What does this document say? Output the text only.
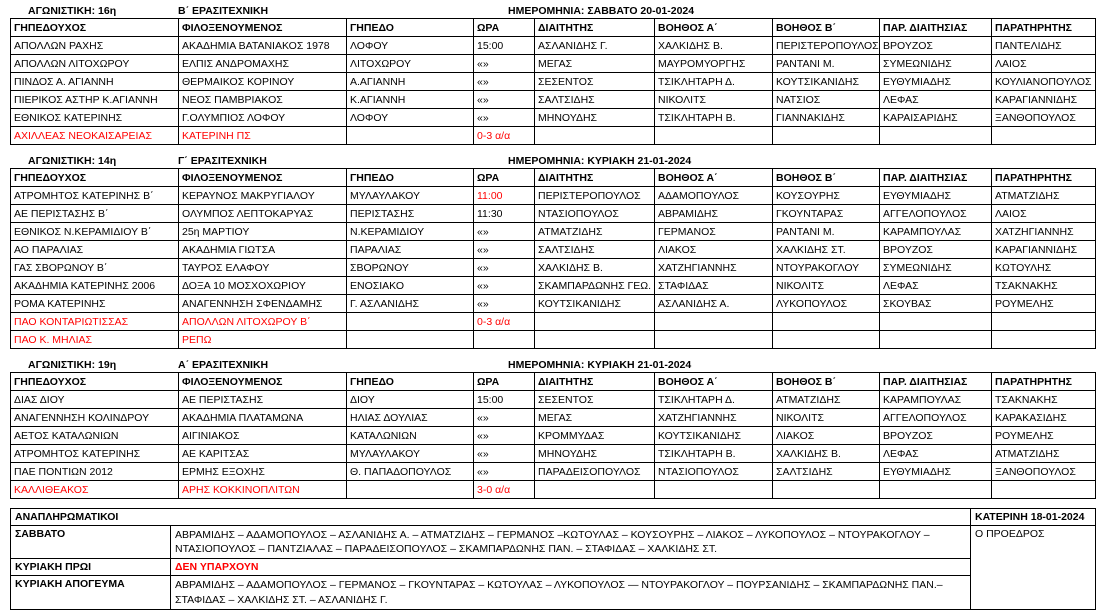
ΑΓΩΝΙΣΤΙΚΗ: 16η	Β΄ ΕΡΑΣΙΤΕΧΝΙΚΗ	ΗΜΕΡΟΜΗΝΙΑ: ΣΑΒΒΑΤΟ 20-01-2024
ΓΗΠΕΔΟΥΧΟΣ	ΦΙΛΟΞΕΝΟΥΜΕΝΟΣ	ΓΗΠΕΔΟ	ΩΡΑ	ΔΙΑΙΤΗΤΗΣ	ΒΟΗΘΟΣ Α΄	ΒΟΗΘΟΣ Β΄	ΠΑΡ. ΔΙΑΙΤΗΣΙΑΣ	ΠΑΡΑΤΗΡΗΤΗΣ
ΑΠΟΛΛΩΝ ΡΑΧΗΣ	ΑΚΑΔΗΜΙΑ ΒΑΤΑΝΙΑΚΟΣ 1978	ΛΟΦΟΥ	15:00	ΑΣΛΑΝΙΔΗΣ Γ.	ΧΑΛΚΙΔΗΣ Β.	ΠΕΡΙΣΤΕΡΟΠΟΥΛΟΣ	ΒΡΟΥΖΟΣ	ΠΑΝΤΕΛΙΔΗΣ
ΑΠΟΛΛΩΝ ΛΙΤΟΧΩΡΟΥ	ΕΛΠΙΣ ΑΝΔΡΟΜΑΧΗΣ	ΛΙΤΟΧΩΡΟΥ	«»	ΜΕΓΑΣ	ΜΑΥΡΟΜΥΟΡΓΗΣ	ΡΑΝΤΑΝΙ Μ.	ΣΥΜΕΩΝΙΔΗΣ	ΛΑΙΟΣ
ΠΙΝΔΟΣ Α. ΑΓΙΑΝΝΗ	ΘΕΡΜΑΙΚΟΣ ΚΟΡΙΝΟΥ	Α.ΑΓΙΑΝΝΗ	«»	ΣΕΣΕΝΤΟΣ	ΤΣΙΚΛΗΤΑΡΗ Δ.	ΚΟΥΤΣΙΚΑΝΙΔΗΣ	ΕΥΘΥΜΙΑΔΗΣ	ΚΟΥΛΙΑΝΟΠΟΥΛΟΣ
ΠΙΕΡΙΚΟΣ ΑΣΤΗΡ Κ.ΑΓΙΑΝΝΗ	ΝΕΟΣ ΠΑΜΒΡΙΑΚΟΣ	Κ.ΑΓΙΑΝΝΗ	«»	ΣΑΛΤΣΙΔΗΣ	ΝΙΚΟΛΙΤΣ	ΝΑΤΣΙΟΣ	ΛΕΦΑΣ	ΚΑΡΑΓΙΑΝΝΙΔΗΣ
ΕΘΝΙΚΟΣ ΚΑΤΕΡΙΝΗΣ	Γ.ΟΛΥΜΠΙΟΣ ΛΟΦΟΥ	ΛΟΦΟΥ	«»	ΜΗΝΟΥΔΗΣ	ΤΣΙΚΛΗΤΑΡΗ Β.	ΓΙΑΝΝΑΚΙΔΗΣ	ΚΑΡΑΙΣΑΡΙΔΗΣ	ΞΑΝΘΟΠΟΥΛΟΣ
ΑΧΙΛΛΕΑΣ ΝΕΟΚΑΙΣΑΡΕΙΑΣ	ΚΑΤΕΡΙΝΗ ΠΣ		0-3 α/α					
ΑΓΩΝΙΣΤΙΚΗ: 14η	Γ΄ ΕΡΑΣΙΤΕΧΝΙΚΗ	ΗΜΕΡΟΜΗΝΙΑ: ΚΥΡΙΑΚΗ 21-01-2024
ΓΗΠΕΔΟΥΧΟΣ	ΦΙΛΟΞΕΝΟΥΜΕΝΟΣ	ΓΗΠΕΔΟ	ΩΡΑ	ΔΙΑΙΤΗΤΗΣ	ΒΟΗΘΟΣ Α΄	ΒΟΗΘΟΣ Β΄	ΠΑΡ. ΔΙΑΙΤΗΣΙΑΣ	ΠΑΡΑΤΗΡΗΤΗΣ
ΑΤΡΟΜΗΤΟΣ ΚΑΤΕΡΙΝΗΣ Β΄	ΚΕΡΑΥΝΟΣ ΜΑΚΡΥΓΙΑΛΟΥ	ΜΥΛΑΥΛΑΚΟΥ	11:00	ΠΕΡΙΣΤΕΡΟΠΟΥΛΟΣ	ΑΔΑΜΟΠΟΥΛΟΣ	ΚΟΥΣΟΥΡΗΣ	ΕΥΘΥΜΙΑΔΗΣ	ΑΤΜΑΤΖΙΔΗΣ
ΑΕ ΠΕΡΙΣΤΑΣΗΣ Β΄	ΟΛΥΜΠΟΣ ΛΕΠΤΟΚΑΡΥΑΣ	ΠΕΡΙΣΤΑΣΗΣ	11:30	ΝΤΑΣΙΟΠΟΥΛΟΣ	ΑΒΡΑΜΙΔΗΣ	ΓΚΟΥΝΤΑΡΑΣ	ΑΓΓΕΛΟΠΟΥΛΟΣ	ΛΑΙΟΣ
ΕΘΝΙΚΟΣ Ν.ΚΕΡΑΜΙΔΙΟΥ Β΄	25η ΜΑΡΤΙΟΥ	Ν.ΚΕΡΑΜΙΔΙΟΥ	«»	ΑΤΜΑΤΖΙΔΗΣ	ΓΕΡΜΑΝΟΣ	ΡΑΝΤΑΝΙ Μ.	ΚΑΡΑΜΠΟΥΛΑΣ	ΧΑΤΖΗΓΙΑΝΝΗΣ
ΑΟ ΠΑΡΑΛΙΑΣ	ΑΚΑΔΗΜΙΑ ΓΙΩΤΣΑ	ΠΑΡΑΛΙΑΣ	«»	ΣΑΛΤΣΙΔΗΣ	ΛΙΑΚΟΣ	ΧΑΛΚΙΔΗΣ ΣΤ.	ΒΡΟΥΖΟΣ	ΚΑΡΑΓΙΑΝΝΙΔΗΣ
ΓΑΣ ΣΒΟΡΩΝΟΥ Β΄	ΤΑΥΡΟΣ ΕΛΑΦΟΥ	ΣΒΟΡΩΝΟΥ	«»	ΧΑΛΚΙΔΗΣ Β.	ΧΑΤΖΗΓΙΑΝΝΗΣ	ΝΤΟΥΡΑΚΟΓΛΟΥ	ΣΥΜΕΩΝΙΔΗΣ	ΚΩΤΟΥΛΗΣ
ΑΚΑΔΗΜΙΑ ΚΑΤΕΡΙΝΗΣ 2006	ΔΟΞΑ 10 ΜΟΣΧΟΧΩΡΙΟΥ	ΕΝΟΣΙΑΚΟ	«»	ΣΚΑΜΠΑΡΔΩΝΗΣ ΓΕΩ.	ΣΤΑΦΙΔΑΣ	ΝΙΚΟΛΙΤΣ	ΛΕΦΑΣ	ΤΣΑΚΝΑΚΗΣ
ΡΟΜΑ ΚΑΤΕΡΙΝΗΣ	ΑΝΑΓΕΝΝΗΣΗ ΣΦΕΝΔΑΜΗΣ	Γ. ΑΣΛΑΝΙΔΗΣ	«»	ΚΟΥΤΣΙΚΑΝΙΔΗΣ	ΑΣΛΑΝΙΔΗΣ Α.	ΛΥΚΟΠΟΥΛΟΣ	ΣΚΟΥΒΑΣ	ΡΟΥΜΕΛΗΣ
ΠΑΟ ΚΟΝΤΑΡΙΩΤΙΣΣΑΣ	ΑΠΟΛΛΩΝ ΛΙΤΟΧΩΡΟΥ Β΄		0-3 α/α					
ΠΑΟ Κ. ΜΗΛΙΑΣ	ΡΕΠΩ							
ΑΓΩΝΙΣΤΙΚΗ: 19η	Α΄ ΕΡΑΣΙΤΕΧΝΙΚΗ	ΗΜΕΡΟΜΗΝΙΑ: ΚΥΡΙΑΚΗ 21-01-2024
ΓΗΠΕΔΟΥΧΟΣ	ΦΙΛΟΞΕΝΟΥΜΕΝΟΣ	ΓΗΠΕΔΟ	ΩΡΑ	ΔΙΑΙΤΗΤΗΣ	ΒΟΗΘΟΣ Α΄	ΒΟΗΘΟΣ Β΄	ΠΑΡ. ΔΙΑΙΤΗΣΙΑΣ	ΠΑΡΑΤΗΡΗΤΗΣ
ΔΙΑΣ ΔΙΟΥ	ΑΕ ΠΕΡΙΣΤΑΣΗΣ	ΔΙΟΥ	15:00	ΣΕΣΕΝΤΟΣ	ΤΣΙΚΛΗΤΑΡΗ Δ.	ΑΤΜΑΤΖΙΔΗΣ	ΚΑΡΑΜΠΟΥΛΑΣ	ΤΣΑΚΝΑΚΗΣ
ΑΝΑΓΕΝΝΗΣΗ ΚΟΛΙΝΔΡΟΥ	ΑΚΑΔΗΜΙΑ ΠΛΑΤΑΜΩΝΑ	ΗΛΙΑΣ ΔΟΥΛΙΑΣ	«»	ΜΕΓΑΣ	ΧΑΤΖΗΓΙΑΝΝΗΣ	ΝΙΚΟΛΙΤΣ	ΑΓΓΕΛΟΠΟΥΛΟΣ	ΚΑΡΑΚΑΣΙΔΗΣ
ΑΕΤΟΣ ΚΑΤΑΛΩΝΙΩΝ	ΑΙΓΙΝΙΑΚΟΣ	ΚΑΤΑΛΩΝΙΩΝ	«»	ΚΡΟΜΜΥΔΑΣ	ΚΟΥΤΣΙΚΑΝΙΔΗΣ	ΛΙΑΚΟΣ	ΒΡΟΥΖΟΣ	ΡΟΥΜΕΛΗΣ
ΑΤΡΟΜΗΤΟΣ ΚΑΤΕΡΙΝΗΣ	ΑΕ ΚΑΡΙΤΣΑΣ	ΜΥΛΑΥΛΑΚΟΥ	«»	ΜΗΝΟΥΔΗΣ	ΤΣΙΚΛΗΤΑΡΗ Β.	ΧΑΛΚΙΔΗΣ Β.	ΛΕΦΑΣ	ΑΤΜΑΤΖΙΔΗΣ
ΠΑΕ ΠΟΝΤΙΩΝ 2012	ΕΡΜΗΣ ΕΞΟΧΗΣ	Θ. ΠΑΠΑΔΟΠΟΥΛΟΣ	«»	ΠΑΡΑΔΕΙΣΟΠΟΥΛΟΣ	ΝΤΑΣΙΟΠΟΥΛΟΣ	ΣΑΛΤΣΙΔΗΣ	ΕΥΘΥΜΙΑΔΗΣ	ΞΑΝΘΟΠΟΥΛΟΣ
ΚΑΛΛΙΘΕΑΚΟΣ	ΑΡΗΣ ΚΟΚΚΙΝΟΠΛΙΤΩΝ		3-0 α/α					
ΑΝΑΠΛΗΡΩΜΑΤΙΚΟΙ		ΚΑΤΕΡΙΝΗ 18-01-2024
ΣΑΒΒΑΤΟ	ΑΒΡΑΜΙΔΗΣ – ΑΔΑΜΟΠΟΥΛΟΣ – ΑΣΛΑΝΙΔΗΣ Α. – ΑΤΜΑΤΖΙΔΗΣ – ΓΕΡΜΑΝΟΣ –ΚΩΤΟΥΛΑΣ – ΚΟΥΣΟΥΡΗΣ – ΛΙΑΚΟΣ – ΛΥΚΟΠΟΥΛΟΣ – ΝΤΟΥΡΑΚΟΓΛΟΥ – ΝΤΑΣΙΟΠΟΥΛΟΣ – ΠΑΝΤΖΙΑΛΑΣ – ΠΑΡΑΔΕΙΣΟΠΟΥΛΟΣ – ΣΚΑΜΠΑΡΔΩΝΗΣ ΠΑΝ. – ΣΤΑΦΙΔΑΣ – ΧΑΛΚΙΔΗΣ ΣΤ.	Ο ΠΡΟΕΔΡΟΣ
ΚΥΡΙΑΚΗ ΠΡΩΙ	ΔΕΝ ΥΠΑΡΧΟΥΝ	
ΚΥΡΙΑΚΗ ΑΠΟΓΕΥΜΑ	ΑΒΡΑΜΙΔΗΣ – ΑΔΑΜΟΠΟΥΛΟΣ – ΓΕΡΜΑΝΟΣ – ΓΚΟΥΝΤΑΡΑΣ – ΚΩΤΟΥΛΑΣ – ΛΥΚΟΠΟΥΛΟΣ — ΝΤΟΥΡΑΚΟΓΛΟΥ – ΠΟΥΡΣΑΝΙΔΗΣ – ΣΚΑΜΠΑΡΔΩΝΗΣ ΠΑΝ.– ΣΤΑΦΙΔΑΣ – ΧΑΛΚΙΔΗΣ ΣΤ. – ΑΣΛΑΝΙΔΗΣ Γ.	
